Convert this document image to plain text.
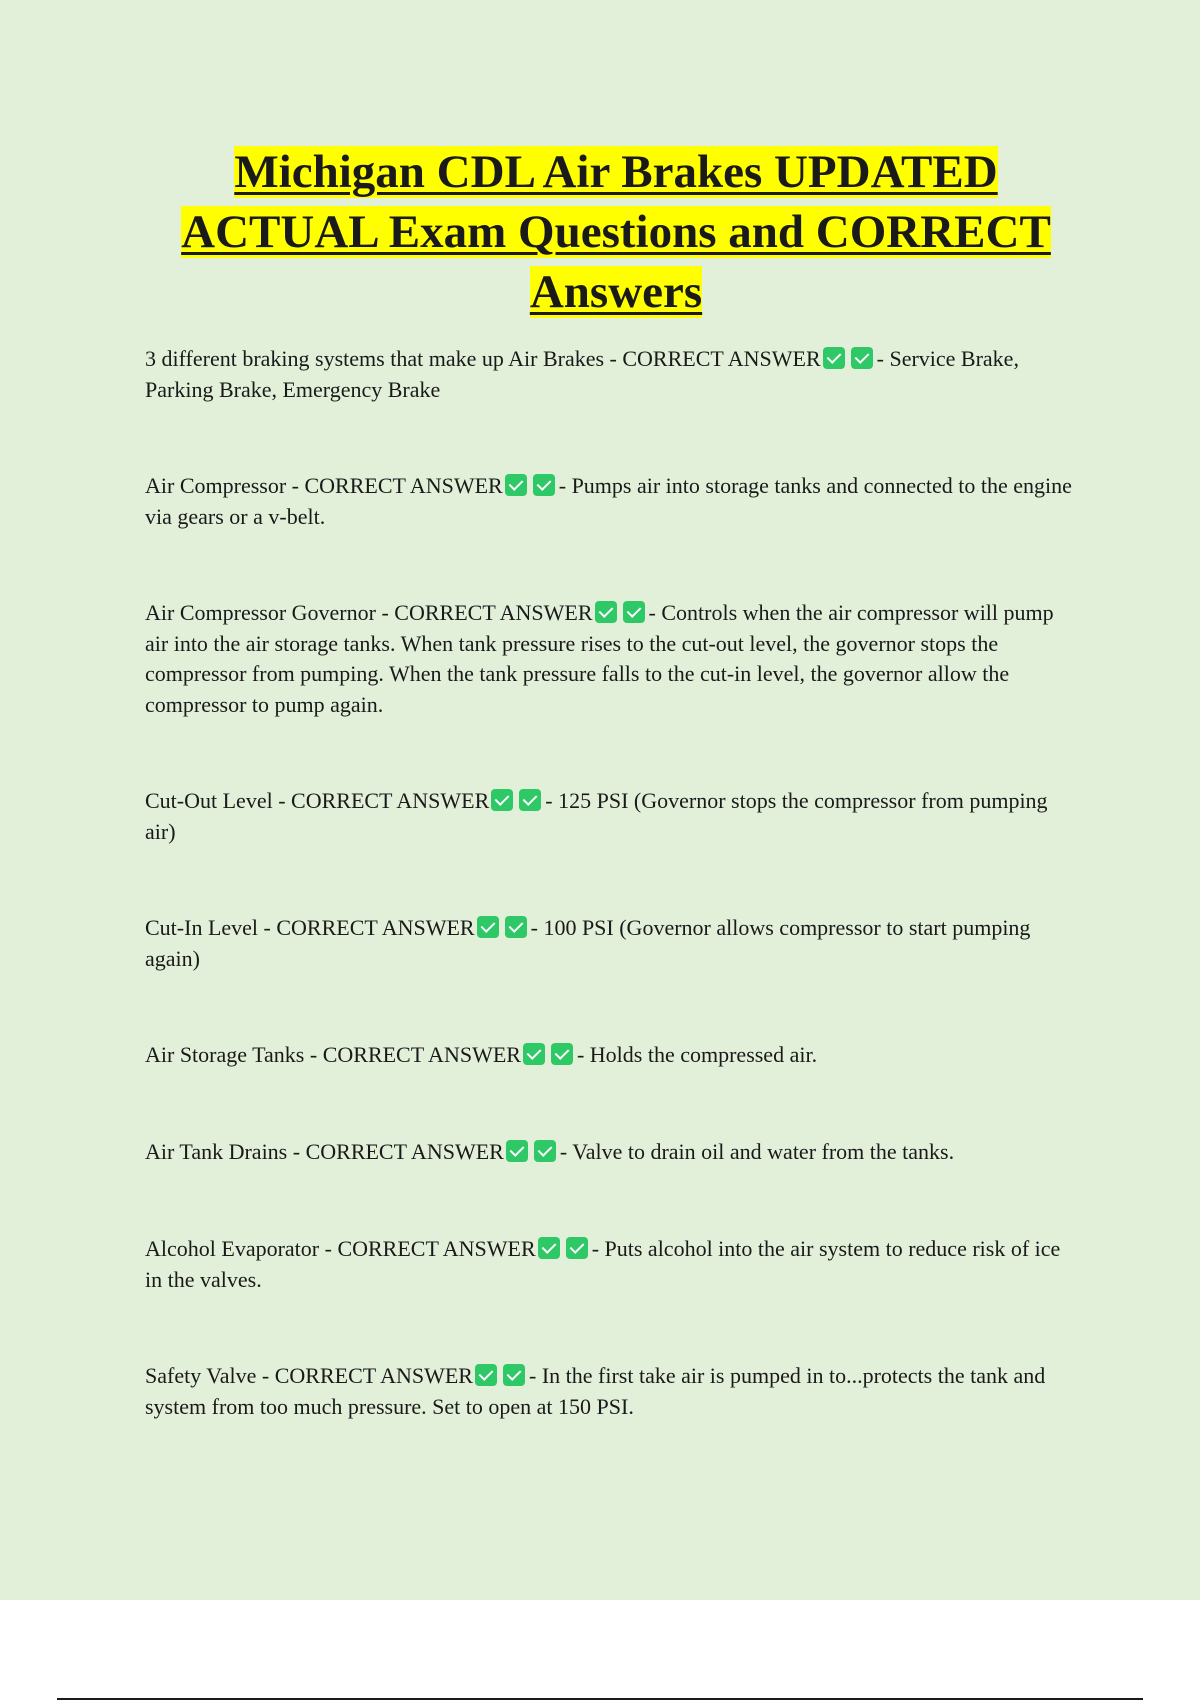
Michigan CDL Air Brakes UPDATED
ACTUAL Exam Questions and CORRECT
Answers

3 different braking systems that make up Air Brakes - CORRECT ANSWER	- Service Brake, Parking Brake, Emergency Brake

Air Compressor - CORRECT ANSWER	- Pumps air into storage tanks and connected to the engine via gears or a v-belt.

Air Compressor Governor - CORRECT ANSWER	- Controls when the air compressor will pump air into the air storage tanks. When tank pressure rises to the cut-out level, the governor stops the compressor from pumping. When the tank pressure falls to the cut-in level, the governor allow the compressor to pump again.

Cut-Out Level - CORRECT ANSWER	- 125 PSI (Governor stops the compressor from pumping air)

Cut-In Level - CORRECT ANSWER	- 100 PSI (Governor allows compressor to start pumping again)

Air Storage Tanks - CORRECT ANSWER	- Holds the compressed air.

Air Tank Drains - CORRECT ANSWER	- Valve to drain oil and water from the tanks.

Alcohol Evaporator - CORRECT ANSWER	- Puts alcohol into the air system to reduce risk of ice in the valves.

Safety Valve - CORRECT ANSWER	- In the first take air is pumped in to...protects the tank and system from too much pressure. Set to open at 150 PSI.
